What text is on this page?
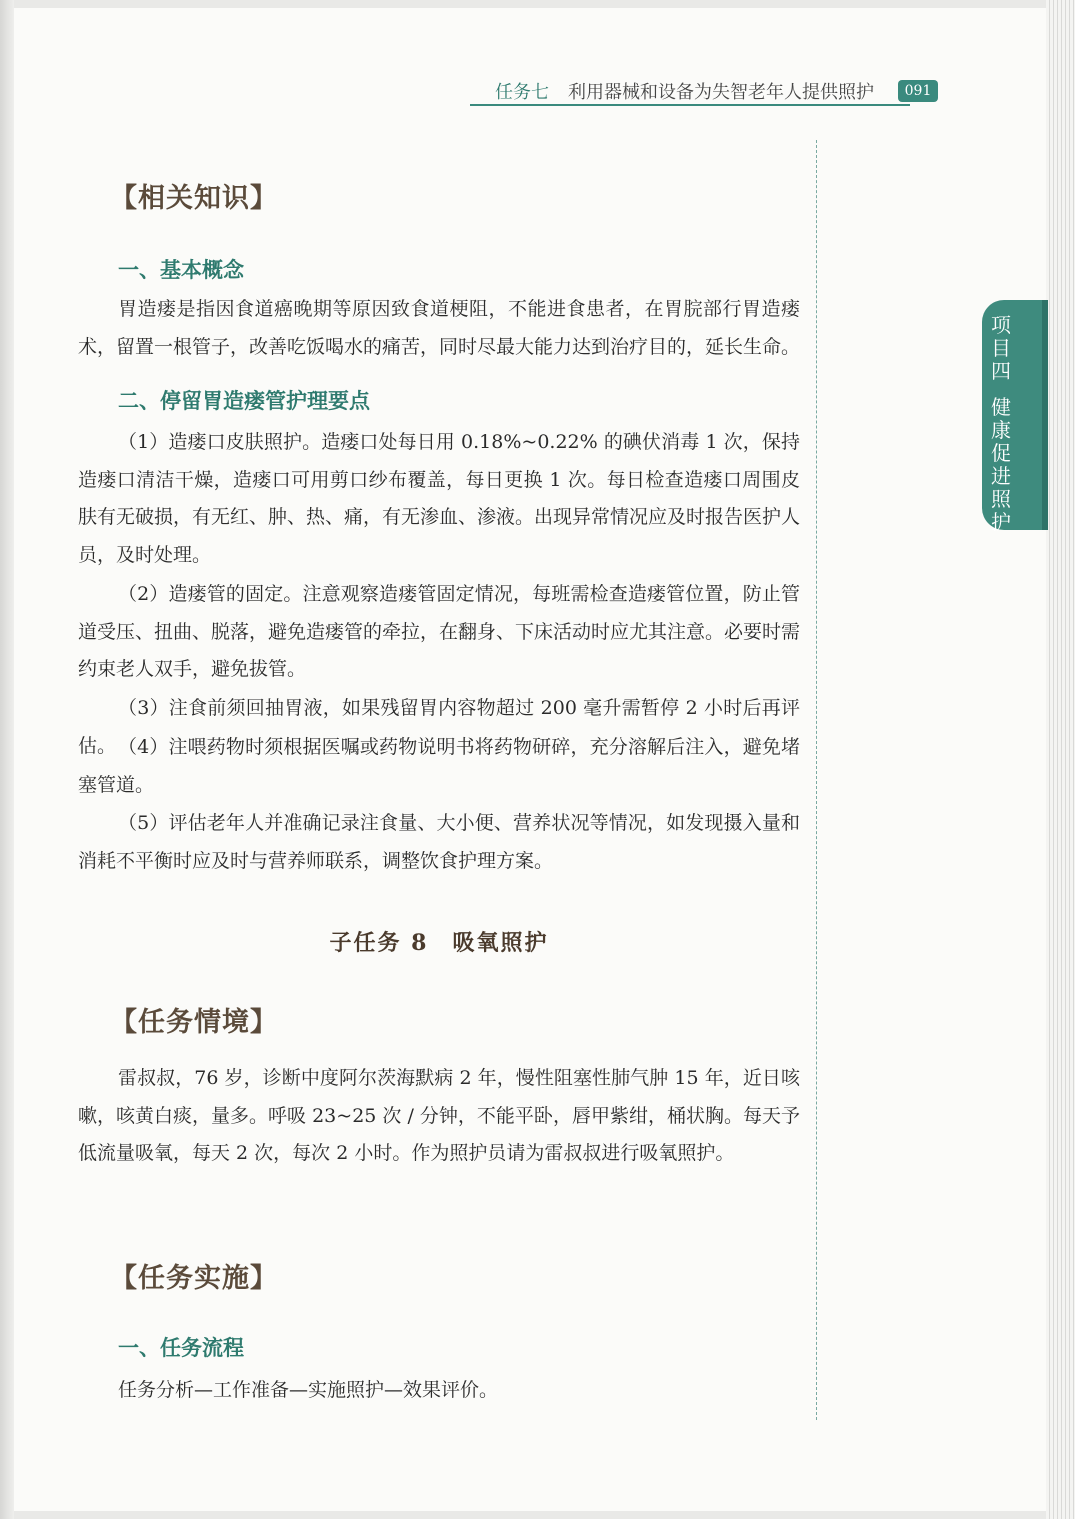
任务七 利用器械和设备为失智老年人提供照护	091
项目四
健康促进照护
【相关知识】
一、基本概念
胃造瘘是指因食道癌晚期等原因致食道梗阻，不能进食患者，在胃脘部行胃造瘘术，留置一根管子，改善吃饭喝水的痛苦，同时尽最大能力达到治疗目的，延长生命。
二、停留胃造瘘管护理要点
（1）造瘘口皮肤照护。造瘘口处每日用 0.18%~0.22% 的碘伏消毒 1 次，保持造瘘口清洁干燥，造瘘口可用剪口纱布覆盖，每日更换 1 次。每日检查造瘘口周围皮肤有无破损，有无红、肿、热、痛，有无渗血、渗液。出现异常情况应及时报告医护人员，及时处理。
（2）造瘘管的固定。注意观察造瘘管固定情况，每班需检查造瘘管位置，防止管道受压、扭曲、脱落，避免造瘘管的牵拉，在翻身、下床活动时应尤其注意。必要时需约束老人双手，避免拔管。
（3）注食前须回抽胃液，如果残留胃内容物超过 200 毫升需暂停 2 小时后再评估。 （4）注喂药物时须根据医嘱或药物说明书将药物研碎，充分溶解后注入，避免堵塞管道。
（5）评估老年人并准确记录注食量、大小便、营养状况等情况，如发现摄入量和消耗不平衡时应及时与营养师联系，调整饮食护理方案。
子任务 8　吸氧照护
【任务情境】
雷叔叔，76 岁，诊断中度阿尔茨海默病 2 年，慢性阻塞性肺气肿 15 年，近日咳嗽，咳黄白痰，量多。呼吸 23~25 次 / 分钟，不能平卧，唇甲紫绀，桶状胸。每天予低流量吸氧，每天 2 次，每次 2 小时。作为照护员请为雷叔叔进行吸氧照护。
【任务实施】
一、任务流程
任务分析—工作准备—实施照护—效果评价。
